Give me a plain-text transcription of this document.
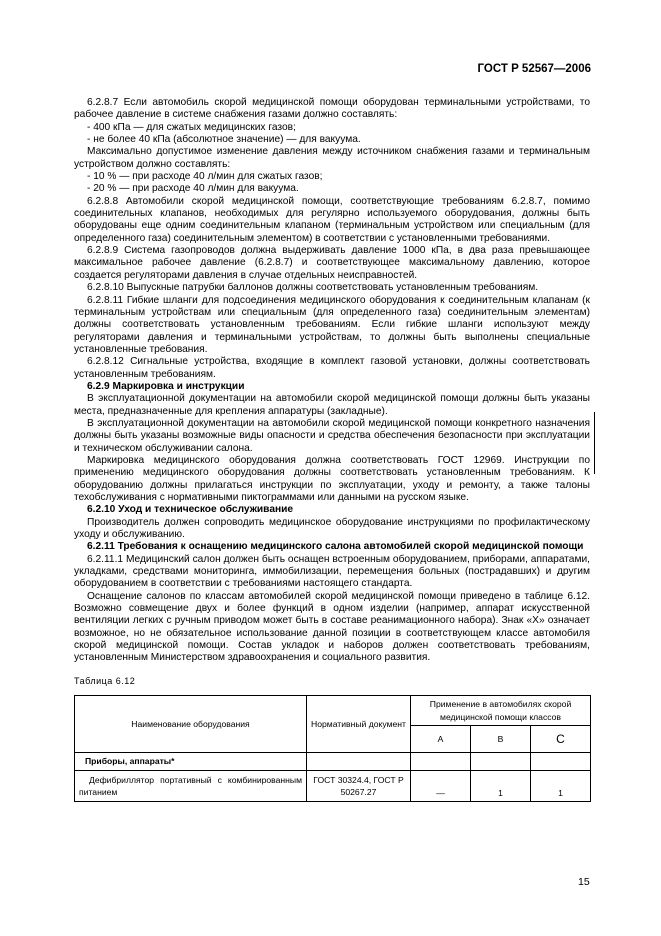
ГОСТ Р 52567—2006

6.2.8.7 Если автомобиль скорой медицинской помощи оборудован терминальными устройствами, то рабочее давление в системе снабжения газами должно составлять:

- 400 кПа — для сжатых медицинских газов;

- не более 40 кПа (абсолютное значение) — для вакуума.

Максимально допустимое изменение давления между источником снабжения газами и терминальным устройством должно составлять:

- 10 % — при расходе 40 л/мин для сжатых газов;

- 20 % — при расходе 40 л/мин для вакуума.

6.2.8.8 Автомобили скорой медицинской помощи, соответствующие требованиям 6.2.8.7, помимо соединительных клапанов, необходимых для регулярно используемого оборудования, должны быть оборудованы еще одним соединительным клапаном (терминальным устройством или специальным (для определенного газа) соединительным элементом) в соответствии с установленными требованиями.

6.2.8.9 Система газопроводов должна выдерживать давление 1000 кПа, в два раза превышающее максимальное рабочее давление (6.2.8.7) и соответствующее максимальному давлению, которое создается регуляторами давления в случае отдельных неисправностей.

6.2.8.10 Выпускные патрубки баллонов должны соответствовать установленным требованиям.

6.2.8.11 Гибкие шланги для подсоединения медицинского оборудования к соединительным клапанам (к терминальным устройствам или специальным (для определенного газа) соединительным элементам) должны соответствовать установленным требованиям. Если гибкие шланги используют между регуляторами давления и терминальными устройствам, то должны быть выполнены специальные установленные требования.

6.2.8.12 Сигнальные устройства, входящие в комплект газовой установки, должны соответствовать установленным требованиям.

6.2.9 Маркировка и инструкции

В эксплуатационной документации на автомобили скорой медицинской помощи должны быть указаны места, предназначенные для крепления аппаратуры (закладные).

В эксплуатационной документации на автомобили скорой медицинской помощи конкретного назначения должны быть указаны возможные виды опасности и средства обеспечения безопасности при эксплуатации и техническом обслуживании салона.

Маркировка медицинского оборудования должна соответствовать ГОСТ 12969. Инструкции по применению медицинского оборудования должны соответствовать установленным требованиям. К оборудованию должны прилагаться инструкции по эксплуатации, уходу и ремонту, а также талоны техобслуживания с нормативными пиктограммами или данными на русском языке.

6.2.10 Уход и техническое обслуживание

Производитель должен сопроводить медицинское оборудование инструкциями по профилактическому уходу и обслуживанию.

6.2.11 Требования к оснащению медицинского салона автомобилей скорой медицинской помощи

6.2.11.1 Медицинский салон должен быть оснащен встроенным оборудованием, приборами, аппаратами, укладками, средствами мониторинга, иммобилизации, перемещения больных (пострадавших) и другим оборудованием в соответствии с требованиями настоящего стандарта.

Оснащение салонов по классам автомобилей скорой медицинской помощи приведено в таблице 6.12. Возможно совмещение двух и более функций в одном изделии (например, аппарат искусственной вентиляции легких с ручным приводом может быть в составе реанимационного набора). Знак «Х» означает возможное, но не обязательное использование данной позиции в соответствующем классе автомобиля скорой медицинской помощи. Состав укладок и наборов должен соответствовать требованиям, установленным Министерством здравоохранения и социального развития.

Таблица 6.12

Наименование оборудования	Нормативный документ	Применение в автомобилях скорой медицинской помощи классов		
		А	В	С
Приборы, аппараты*				
Дефибриллятор портативный с комбинированным питанием	ГОСТ 30324.4, ГОСТ Р 50267.27	—	1	1
15
